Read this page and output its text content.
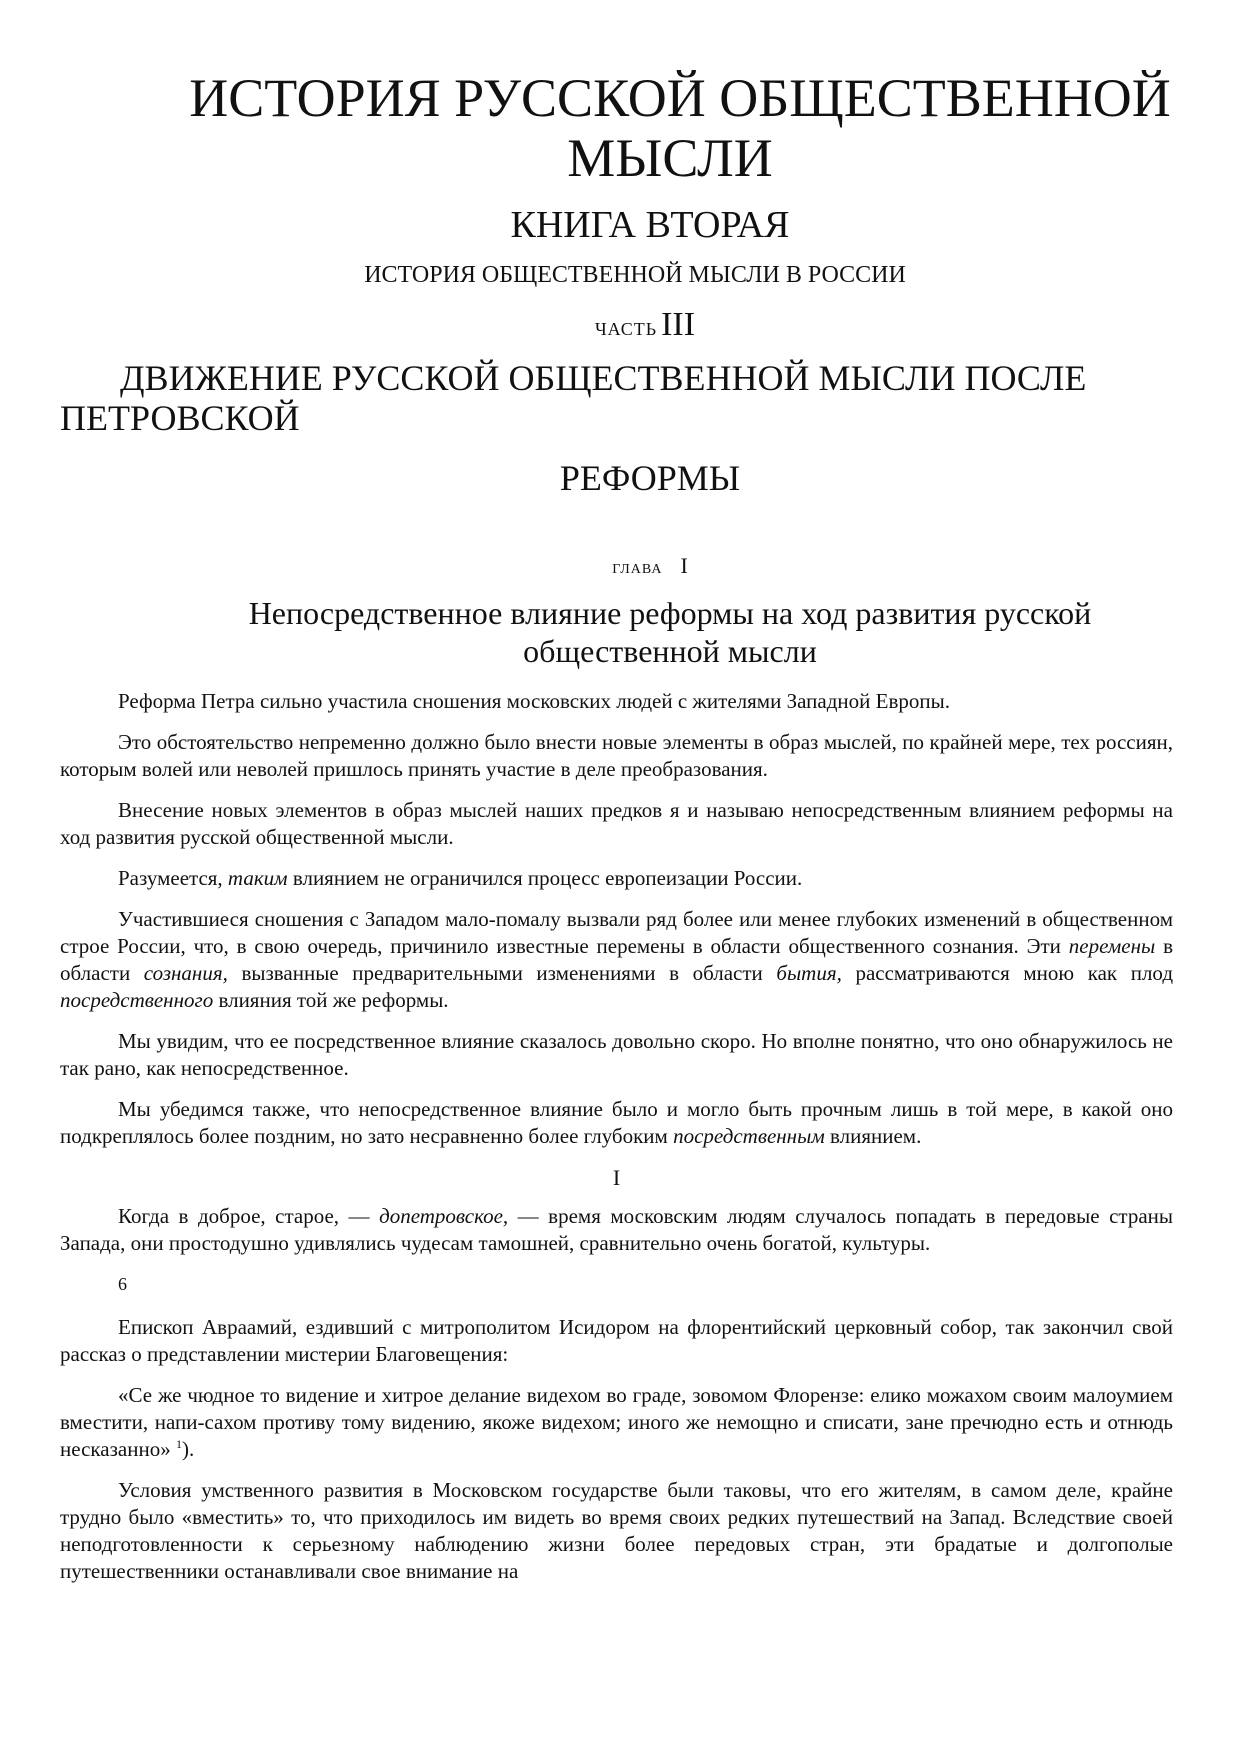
ИСТОРИЯ РУССКОЙ ОБЩЕСТВЕННОЙ
МЫСЛИ
КНИГА ВТОРАЯ
ИСТОРИЯ ОБЩЕСТВЕННОЙ МЫСЛИ В РОССИИ
ЧАСТЬ III
ДВИЖЕНИЕ РУССКОЙ ОБЩЕСТВЕННОЙ МЫСЛИ ПОСЛЕ
ПЕТРОВСКОЙ
РЕФОРМЫ
ГЛАВА I
Непосредственное влияние реформы на ход развития русской общественной мысли

Реформа Петра сильно участила сношения московских людей с жителями Западной Европы.

Это обстоятельство непременно должно было внести новые элементы в образ мыслей, по крайней мере, тех россиян, которым волей или неволей пришлось принять участие в деле преобразования.

Внесение новых элементов в образ мыслей наших предков я и называю непосредственным влиянием реформы на ход развития русской общественной мысли.

Разумеется, таким влиянием не ограничился процесс европеизации России.

Участившиеся сношения с Западом мало-помалу вызвали ряд более или менее глубоких изменений в общественном строе России, что, в свою очередь, причинило известные перемены в области общественного сознания. Эти перемены в области сознания, вызванные предварительными изменениями в области бытия, рассматриваются мною как плод посредственного влияния той же реформы.

Мы увидим, что ее посредственное влияние сказалось довольно скоро. Но вполне понятно, что оно обнаружилось не так рано, как непосредственное.

Мы убедимся также, что непосредственное влияние было и могло быть прочным лишь в той мере, в какой оно подкреплялось более поздним, но зато несравненно более глубоким посредственным влиянием.

I

Когда в доброе, старое, — допетровское, — время московским людям случалось попадать в передовые страны Запада, они простодушно удивлялись чудесам тамошней, сравнительно очень богатой, культуры.

6

Епископ Авраамий, ездивший с митрополитом Исидором на флорентийский церковный собор, так закончил свой рассказ о представлении мистерии Благовещения:

«Се же чюдное то видение и хитрое делание видехом во граде, зовомом Флорензе: елико можахом своим малоумием вместити, напи-сахом противу тому видению, якоже видехом; иного же немощно и списати, зане пречюдно есть и отнюдь несказанно» $^1$).

Условия умственного развития в Московском государстве были таковы, что его жителям, в самом деле, крайне трудно было «вместить» то, что приходилось им видеть во время своих редких путешествий на Запад. Вследствие своей неподготовленности к серьезному наблюдению жизни более передовых стран, эти брадатые и долгополые путешественники останавливали свое внимание на
